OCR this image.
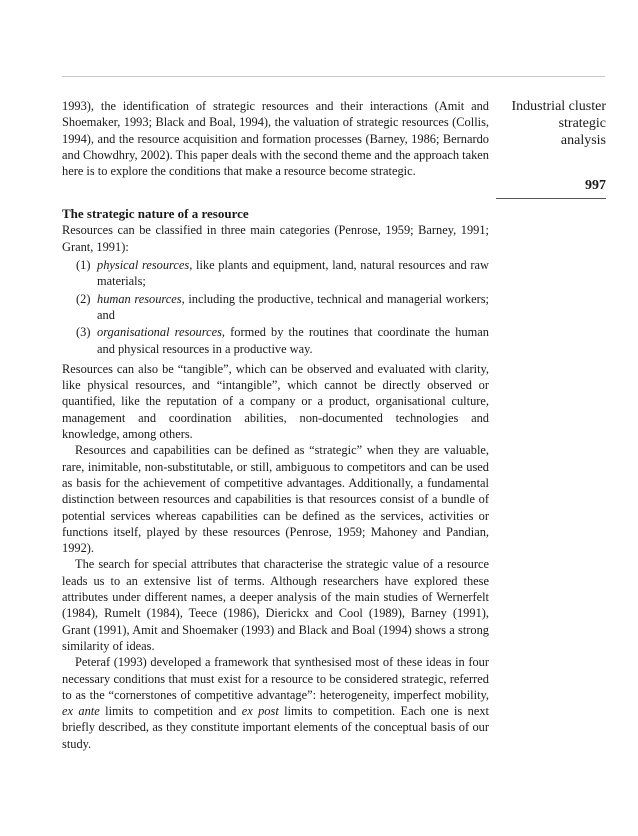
Industrial cluster
strategic
analysis
997

1993), the identification of strategic resources and their interactions (Amit and Shoemaker, 1993; Black and Boal, 1994), the valuation of strategic resources (Collis, 1994), and the resource acquisition and formation processes (Barney, 1986; Bernardo and Chowdhry, 2002). This paper deals with the second theme and the approach taken here is to explore the conditions that make a resource become strategic.

The strategic nature of a resource

Resources can be classified in three main categories (Penrose, 1959; Barney, 1991; Grant, 1991):

(1) physical resources, like plants and equipment, land, natural resources and raw materials;
(2) human resources, including the productive, technical and managerial workers; and
(3) organisational resources, formed by the routines that coordinate the human and physical resources in a productive way.

Resources can also be “tangible”, which can be observed and evaluated with clarity, like physical resources, and “intangible”, which cannot be directly observed or quantified, like the reputation of a company or a product, organisational culture, management and coordination abilities, non-documented technologies and knowledge, among others.

Resources and capabilities can be defined as “strategic” when they are valuable, rare, inimitable, non-substitutable, or still, ambiguous to competitors and can be used as basis for the achievement of competitive advantages. Additionally, a fundamental distinction between resources and capabilities is that resources consist of a bundle of potential services whereas capabilities can be defined as the services, activities or functions itself, played by these resources (Penrose, 1959; Mahoney and Pandian, 1992).

The search for special attributes that characterise the strategic value of a resource leads us to an extensive list of terms. Although researchers have explored these attributes under different names, a deeper analysis of the main studies of Wernerfelt (1984), Rumelt (1984), Teece (1986), Dierickx and Cool (1989), Barney (1991), Grant (1991), Amit and Shoemaker (1993) and Black and Boal (1994) shows a strong similarity of ideas.

Peteraf (1993) developed a framework that synthesised most of these ideas in four necessary conditions that must exist for a resource to be considered strategic, referred to as the “cornerstones of competitive advantage”: heterogeneity, imperfect mobility, ex ante limits to competition and ex post limits to competition. Each one is next briefly described, as they constitute important elements of the conceptual basis of our study.
